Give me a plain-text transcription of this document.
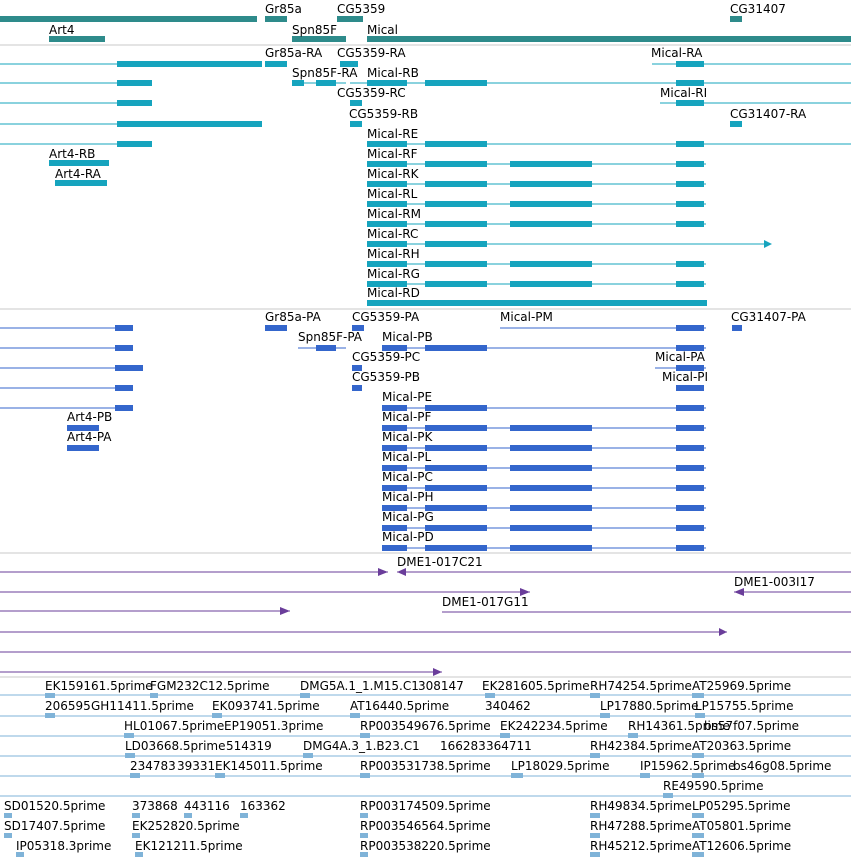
Gr85a	CG5359	CG31407
Art4	Spn85F Mical
Gr85a-RA CG5359-RA	Mical-RA
Spn85F-RA Mical-RB
CG5359-RC	Mical-RI
CG5359-RB	CG31407-RA
Mical-RE
Art4-RB	Mical-RF
Art4-RA	Mical-RK
Mical-RL
Mical-RM
Mical-RC
Mical-RH
Mical-RG
Mical-RD
Gr85a-PA	CG5359-PA	Mical-PM	CG31407-PA
Spn85F-PA Mical-PB
CG5359-PC	Mical-PA
CG5359-PB	Mical-PI
Mical-PE
Art4-PB	Mical-PF
Art4-PA	Mical-PK
Mical-PL
Mical-PC
Mical-PH
Mical-PG
Mical-PD
DME1-017C21
DME1-003I17
DME1-017G11
EK159161.5prime
FGM232C12.5prime	DMG5A.1_1.M15.C1 308147 EK281605.5prime RH74254.5prime AT25969.5prime
206595 GH11411.5prime EK093741.5prime	AT16440.5prime	340462	LP17880.5prime
LP15755.5prime
HL01067.5prime EP19051.3prime	RP003549676.5prime EK242234.5prime RH14361.5prime
bs57f07.5prime
LD03668.5prime 514319	DMG4A.3_1.B23.C1 166283 364711	RH42384.5prime AT20363.5prime
234783 39331 EK145011.5prime	RP003531738.5prime LP18029.5prime	IP15962.5prime
bs46g08.5prime
RE49590.5prime
SD01520.5prime 373868 443116 163362	RP003174509.5prime	RH49834.5prime LP05295.5prime
SD17407.5prime EK252820.5prime	RP003546564.5prime	RH47288.5prime AT05801.5prime
IP05318.3prime EK121211.5prime	RP003538220.5prime	RH45212.5prime AT12606.5prime
